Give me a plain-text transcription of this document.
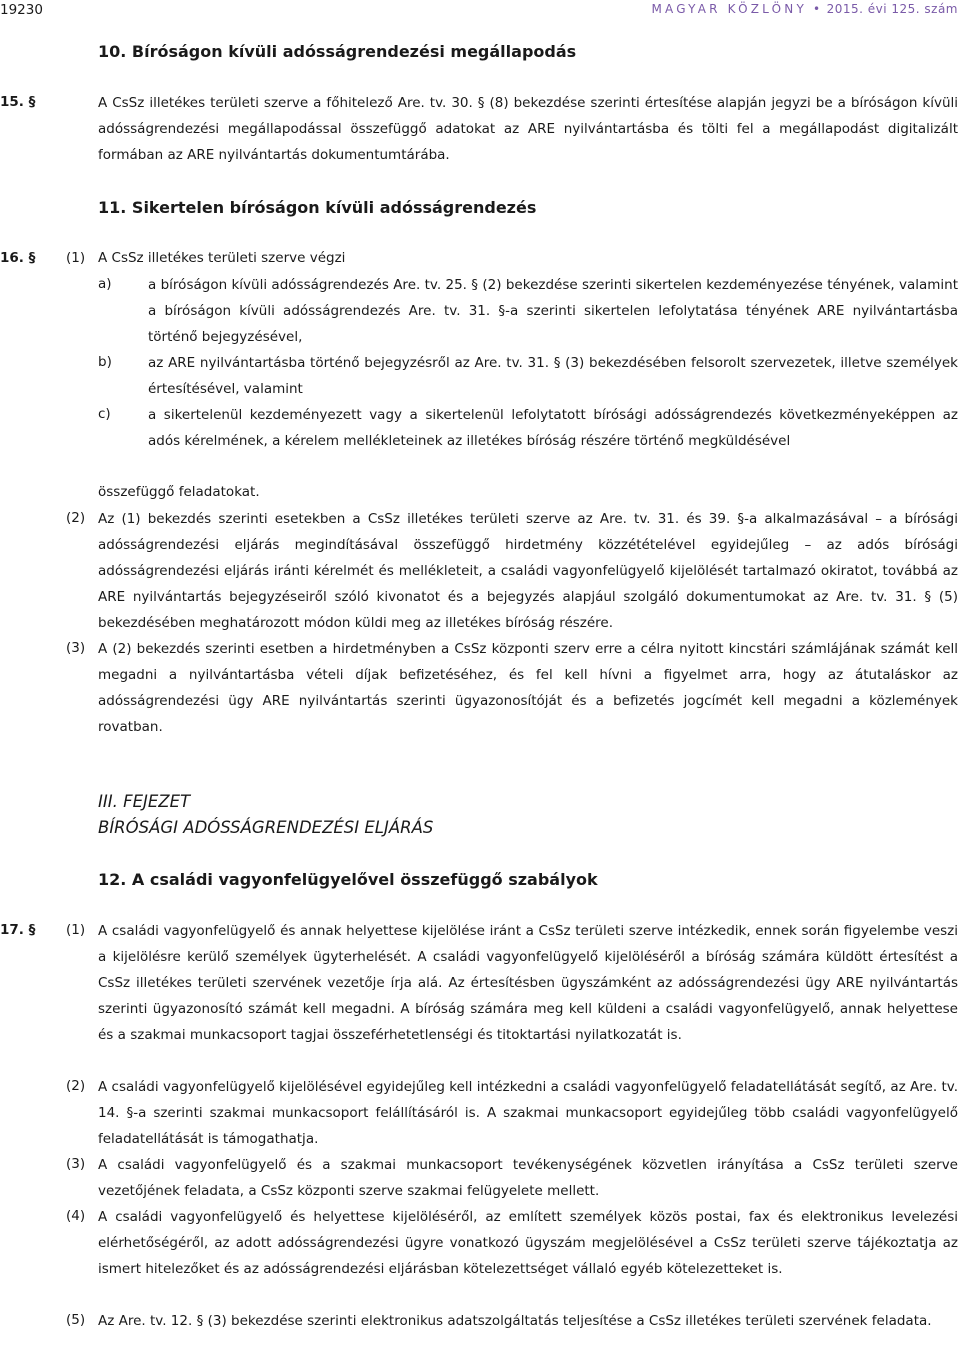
19230	MAGYAR KÖZLÖNY • 2015. évi 125. szám
10. Bíróságon kívüli adósságrendezési megállapodás
15. §	A CsSz illetékes területi szerve a főhitelező Are. tv. 30. § (8) bekezdése szerinti értesítése alapján jegyzi be a bíróságon kívüli adósságrendezési megállapodással összefüggő adatokat az ARE nyilvántartásba és tölti fel a megállapodást digitalizált formában az ARE nyilvántartás dokumentumtárába.
11. Sikertelen bíróságon kívüli adósságrendezés
16. § (1) A CsSz illetékes területi szerve végzi
a)	a bíróságon kívüli adósságrendezés Are. tv. 25. § (2) bekezdése szerinti sikertelen kezdeményezése tényének, valamint a bíróságon kívüli adósságrendezés Are. tv. 31. §-a szerinti sikertelen lefolytatása tényének ARE nyilvántartásba történő bejegyzésével,
b)	az ARE nyilvántartásba történő bejegyzésről az Are. tv. 31. § (3) bekezdésében felsorolt szervezetek, illetve személyek értesítésével, valamint
c)	a sikertelenül kezdeményezett vagy a sikertelenül lefolytatott bírósági adósságrendezés következményeképpen az adós kérelmének, a kérelem mellékleteinek az illetékes bíróság részére történő megküldésével
összefüggő feladatokat.
(2) Az (1) bekezdés szerinti esetekben a CsSz illetékes területi szerve az Are. tv. 31. és 39. §-a alkalmazásával – a bírósági adósságrendezési eljárás megindításával összefüggő hirdetmény közzétételével egyidejűleg – az adós bírósági adósságrendezési eljárás iránti kérelmét és mellékleteit, a családi vagyonfelügyelő kijelölését tartalmazó okiratot, továbbá az ARE nyilvántartás bejegyzéseiről szóló kivonatot és a bejegyzés alapjául szolgáló dokumentumokat az Are. tv. 31. § (5) bekezdésében meghatározott módon küldi meg az illetékes bíróság részére.
(3) A (2) bekezdés szerinti esetben a hirdetményben a CsSz központi szerv erre a célra nyitott kincstári számlájának számát kell megadni a nyilvántartásba vételi díjak befizetéséhez, és fel kell hívni a figyelmet arra, hogy az átutaláskor az adósságrendezési ügy ARE nyilvántartás szerinti ügyazonosítóját és a befizetés jogcímét kell megadni a közlemények rovatban.
III. FEJEZET
BÍRÓSÁGI ADÓSSÁGRENDEZÉSI ELJÁRÁS
12. A családi vagyonfelügyelővel összefüggő szabályok
17. § (1) A családi vagyonfelügyelő és annak helyettese kijelölése iránt a CsSz területi szerve intézkedik, ennek során figyelembe veszi a kijelölésre kerülő személyek ügyterhelését. A családi vagyonfelügyelő kijelöléséről a bíróság számára küldött értesítést a CsSz illetékes területi szervének vezetője írja alá. Az értesítésben ügyszámként az adósságrendezési ügy ARE nyilvántartás szerinti ügyazonosító számát kell megadni. A bíróság számára meg kell küldeni a családi vagyonfelügyelő, annak helyettese és a szakmai munkacsoport tagjai összeférhetetlenségi és titoktartási nyilatkozatát is.
(2) A családi vagyonfelügyelő kijelölésével egyidejűleg kell intézkedni a családi vagyonfelügyelő feladatellátását segítő, az Are. tv. 14. §-a szerinti szakmai munkacsoport felállításáról is. A szakmai munkacsoport egyidejűleg több családi vagyonfelügyelő feladatellátását is támogathatja.
(3) A családi vagyonfelügyelő és a szakmai munkacsoport tevékenységének közvetlen irányítása a CsSz területi szerve vezetőjének feladata, a CsSz központi szerve szakmai felügyelete mellett.
(4) A családi vagyonfelügyelő és helyettese kijelöléséről, az említett személyek közös postai, fax és elektronikus levelezési elérhetőségéről, az adott adósságrendezési ügyre vonatkozó ügyszám megjelölésével a CsSz területi szerve tájékoztatja az ismert hitelezőket és az adósságrendezési eljárásban kötelezettséget vállaló egyéb kötelezetteket is.
(5) Az Are. tv. 12. § (3) bekezdése szerinti elektronikus adatszolgáltatás teljesítése a CsSz illetékes területi szervének feladata.
